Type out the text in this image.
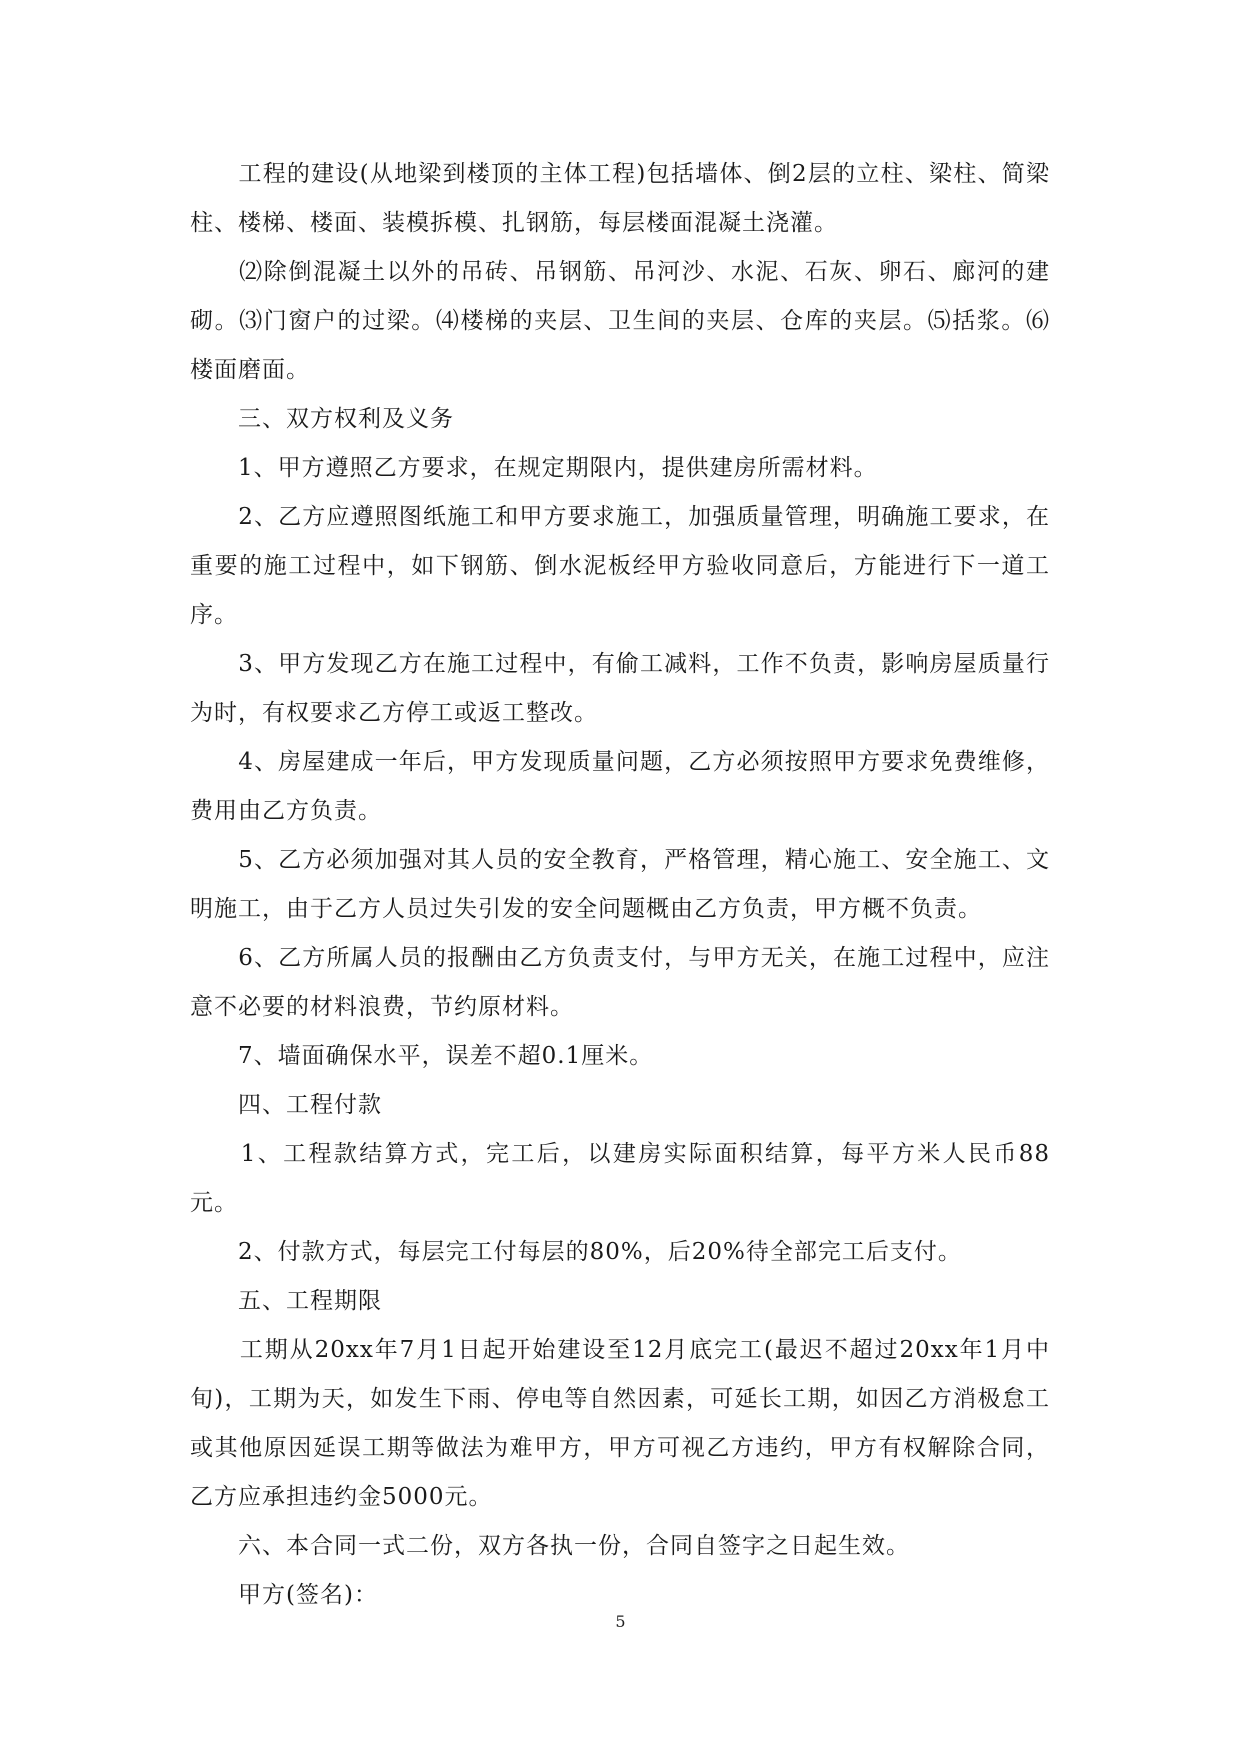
　　工程的建设(从地梁到楼顶的主体工程)包括墙体、倒2层的立柱、梁柱、简梁柱、楼梯、楼面、装模拆模、扎钢筋，每层楼面混凝土浇灌。

　　⑵除倒混凝土以外的吊砖、吊钢筋、吊河沙、水泥、石灰、卵石、廊河的建砌。⑶门窗户的过梁。⑷楼梯的夹层、卫生间的夹层、仓库的夹层。⑸括浆。⑹楼面磨面。

　　三、双方权利及义务

　　1、甲方遵照乙方要求，在规定期限内，提供建房所需材料。

　　2、乙方应遵照图纸施工和甲方要求施工，加强质量管理，明确施工要求，在重要的施工过程中，如下钢筋、倒水泥板经甲方验收同意后，方能进行下一道工序。

　　3、甲方发现乙方在施工过程中，有偷工减料，工作不负责，影响房屋质量行为时，有权要求乙方停工或返工整改。

　　4、房屋建成一年后，甲方发现质量问题，乙方必须按照甲方要求免费维修，费用由乙方负责。

　　5、乙方必须加强对其人员的安全教育，严格管理，精心施工、安全施工、文明施工，由于乙方人员过失引发的安全问题概由乙方负责，甲方概不负责。

　　6、乙方所属人员的报酬由乙方负责支付，与甲方无关，在施工过程中，应注意不必要的材料浪费，节约原材料。

　　7、墙面确保水平，误差不超0.1厘米。

　　四、工程付款

　　1、工程款结算方式，完工后，以建房实际面积结算，每平方米人民币88元。

　　2、付款方式，每层完工付每层的80%，后20%待全部完工后支付。

　　五、工程期限

　　工期从20xx年7月1日起开始建设至12月底完工(最迟不超过20xx年1月中旬)，工期为天，如发生下雨、停电等自然因素，可延长工期，如因乙方消极怠工或其他原因延误工期等做法为难甲方，甲方可视乙方违约，甲方有权解除合同，乙方应承担违约金5000元。

　　六、本合同一式二份，双方各执一份，合同自签字之日起生效。

　　甲方(签名)：

5
